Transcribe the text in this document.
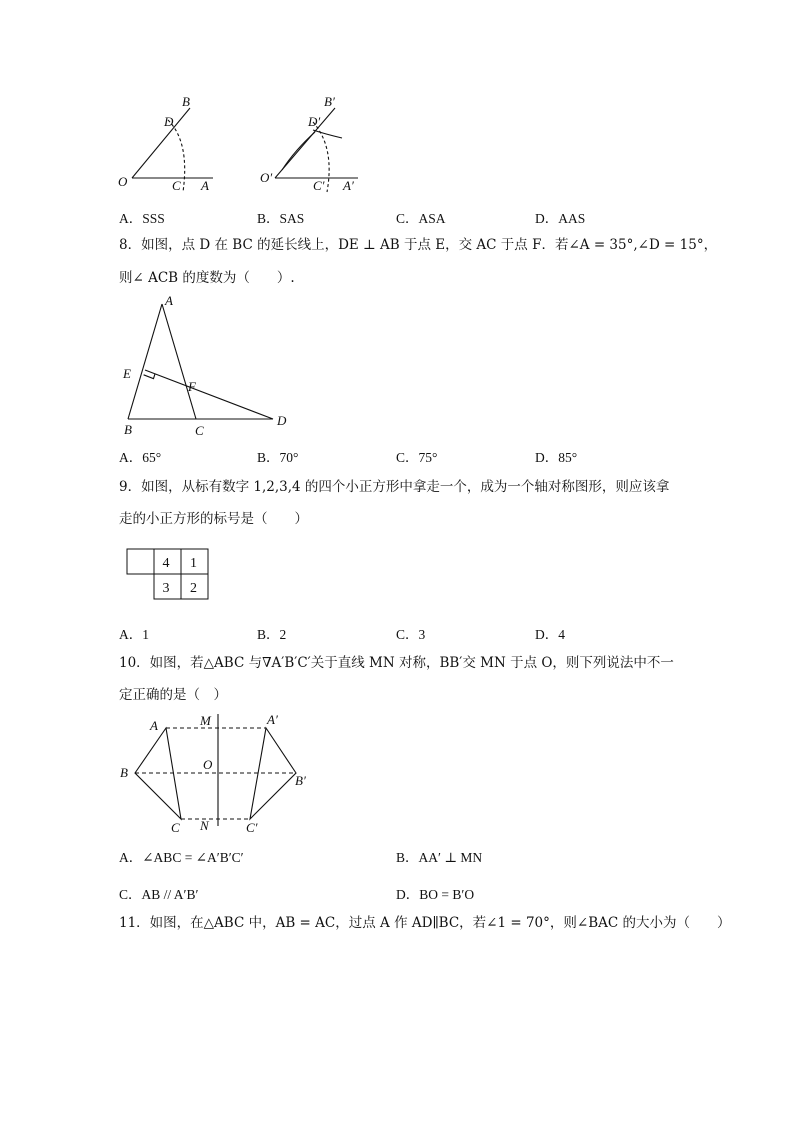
B
D
O	C A
B′
D′
O′
C′ A′
A．SSS	B．SAS	C．ASA	D．AAS
8．如图，点 D 在 BC 的延长线上，DE ⊥ AB 于点 E，交 AC 于点 F．若∠A = 35°,∠D = 15°，
则∠ ACB 的度数为（　　）.
A
E
F
B	C
D
A．65°	B．70°	C．75°	D．85°
9．如图，从标有数字 1,2,3,4 的四个小正方形中拿走一个，成为一个轴对称图形，则应该拿
走的小正方形的标号是（　　）
4 1
3 2
A．1	B．2	C．3	D．4
10．如图，若△ABC 与∇A′B′C′关于直线 MN 对称，BB′交 MN 于点 O，则下列说法中不一
定正确的是（　）
A	M	A′
B
O
B′
C N	C′
A．∠ABC = ∠A′B′C′	B．AA′ ⊥ MN
C．AB // A′B′	D．BO = B′O
11．如图，在△ABC 中，AB = AC，过点 A 作 AD∥BC，若∠1 = 70°，则∠BAC 的大小为（　　）
